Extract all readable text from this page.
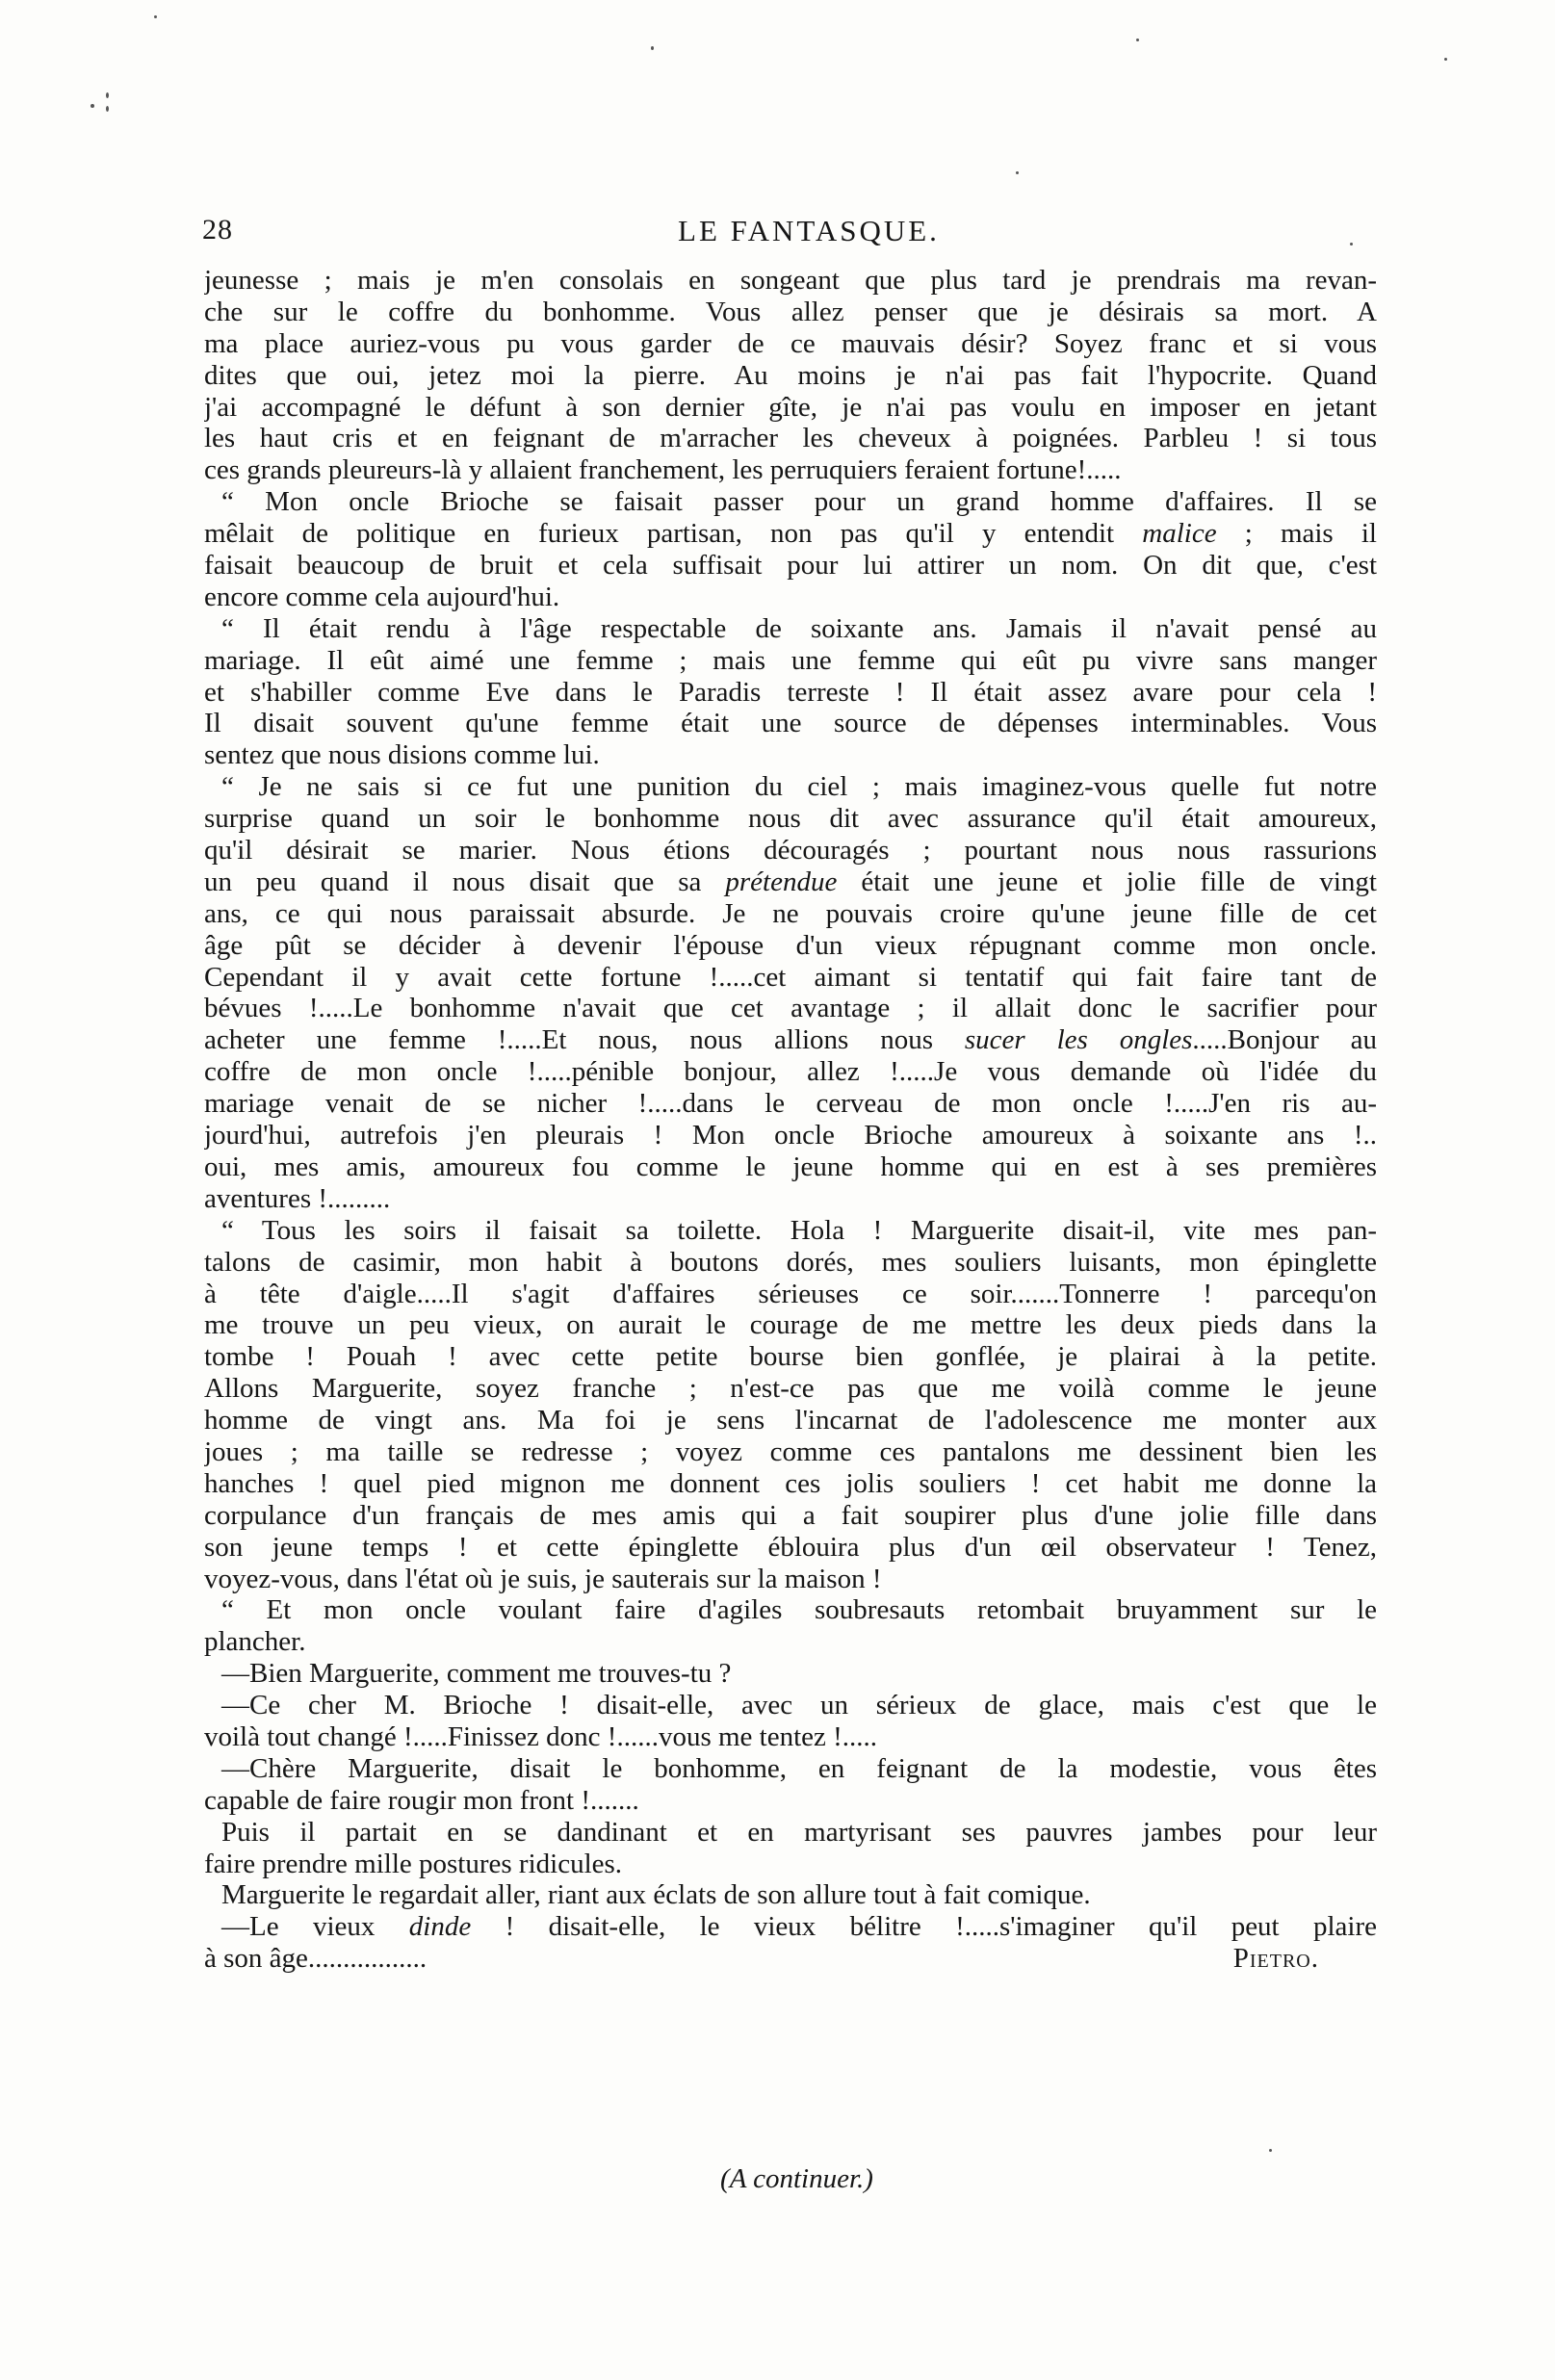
28	LE FANTASQUE.
jeunesse ; mais je m'en consolais en songeant que plus tard je prendrais ma revan-
che sur le coffre du bonhomme. Vous allez penser que je désirais sa mort. A
ma place auriez-vous pu vous garder de ce mauvais désir? Soyez franc et si vous
dites que oui, jetez moi la pierre. Au moins je n'ai pas fait l'hypocrite. Quand
j'ai accompagné le défunt à son dernier gîte, je n'ai pas voulu en imposer en jetant
les haut cris et en feignant de m'arracher les cheveux à poignées. Parbleu ! si tous
ces grands pleureurs-là y allaient franchement, les perruquiers feraient fortune!.....
“ Mon oncle Brioche se faisait passer pour un grand homme d'affaires. Il se
mêlait de politique en furieux partisan, non pas qu'il y entendit malice ; mais il
faisait beaucoup de bruit et cela suffisait pour lui attirer un nom. On dit que, c'est
encore comme cela aujourd'hui.
“ Il était rendu à l'âge respectable de soixante ans. Jamais il n'avait pensé au
mariage. Il eût aimé une femme ; mais une femme qui eût pu vivre sans manger
et s'habiller comme Eve dans le Paradis terreste ! Il était assez avare pour cela !
Il disait souvent qu'une femme était une source de dépenses interminables. Vous
sentez que nous disions comme lui.
“ Je ne sais si ce fut une punition du ciel ; mais imaginez-vous quelle fut notre
surprise quand un soir le bonhomme nous dit avec assurance qu'il était amoureux,
qu'il désirait se marier. Nous étions découragés ; pourtant nous nous rassurions
un peu quand il nous disait que sa prétendue était une jeune et jolie fille de vingt
ans, ce qui nous paraissait absurde. Je ne pouvais croire qu'une jeune fille de cet
âge pût se décider à devenir l'épouse d'un vieux répugnant comme mon oncle.
Cependant il y avait cette fortune !.....cet aimant si tentatif qui fait faire tant de
bévues !.....Le bonhomme n'avait que cet avantage ; il allait donc le sacrifier pour
acheter une femme !.....Et nous, nous allions nous sucer les ongles.....Bonjour au
coffre de mon oncle !.....pénible bonjour, allez !.....Je vous demande où l'idée du
mariage venait de se nicher !.....dans le cerveau de mon oncle !.....J'en ris au-
jourd'hui, autrefois j'en pleurais ! Mon oncle Brioche amoureux à soixante ans !..
oui, mes amis, amoureux fou comme le jeune homme qui en est à ses premières
aventures !.........
“ Tous les soirs il faisait sa toilette. Hola ! Marguerite disait-il, vite mes pan-
talons de casimir, mon habit à boutons dorés, mes souliers luisants, mon épinglette
à tête d'aigle.....Il s'agit d'affaires sérieuses ce soir.......Tonnerre ! parcequ'on
me trouve un peu vieux, on aurait le courage de me mettre les deux pieds dans la
tombe ! Pouah ! avec cette petite bourse bien gonflée, je plairai à la petite.
Allons Marguerite, soyez franche ; n'est-ce pas que me voilà comme le jeune
homme de vingt ans. Ma foi je sens l'incarnat de l'adolescence me monter aux
joues ; ma taille se redresse ; voyez comme ces pantalons me dessinent bien les
hanches ! quel pied mignon me donnent ces jolis souliers ! cet habit me donne la
corpulance d'un français de mes amis qui a fait soupirer plus d'une jolie fille dans
son jeune temps ! et cette épinglette éblouira plus d'un œil observateur ! Tenez,
voyez-vous, dans l'état où je suis, je sauterais sur la maison !
“ Et mon oncle voulant faire d'agiles soubresauts retombait bruyamment sur le
plancher.
—Bien Marguerite, comment me trouves-tu ?
—Ce cher M. Brioche ! disait-elle, avec un sérieux de glace, mais c'est que le
voilà tout changé !.....Finissez donc !......vous me tentez !.....
—Chère Marguerite, disait le bonhomme, en feignant de la modestie, vous êtes
capable de faire rougir mon front !.......
Puis il partait en se dandinant et en martyrisant ses pauvres jambes pour leur
faire prendre mille postures ridicules.
Marguerite le regardait aller, riant aux éclats de son allure tout à fait comique.
—Le vieux dinde ! disait-elle, le vieux bélitre !.....s'imaginer qu'il peut plaire
à son âge.................	Pietro.
(A continuer.)
